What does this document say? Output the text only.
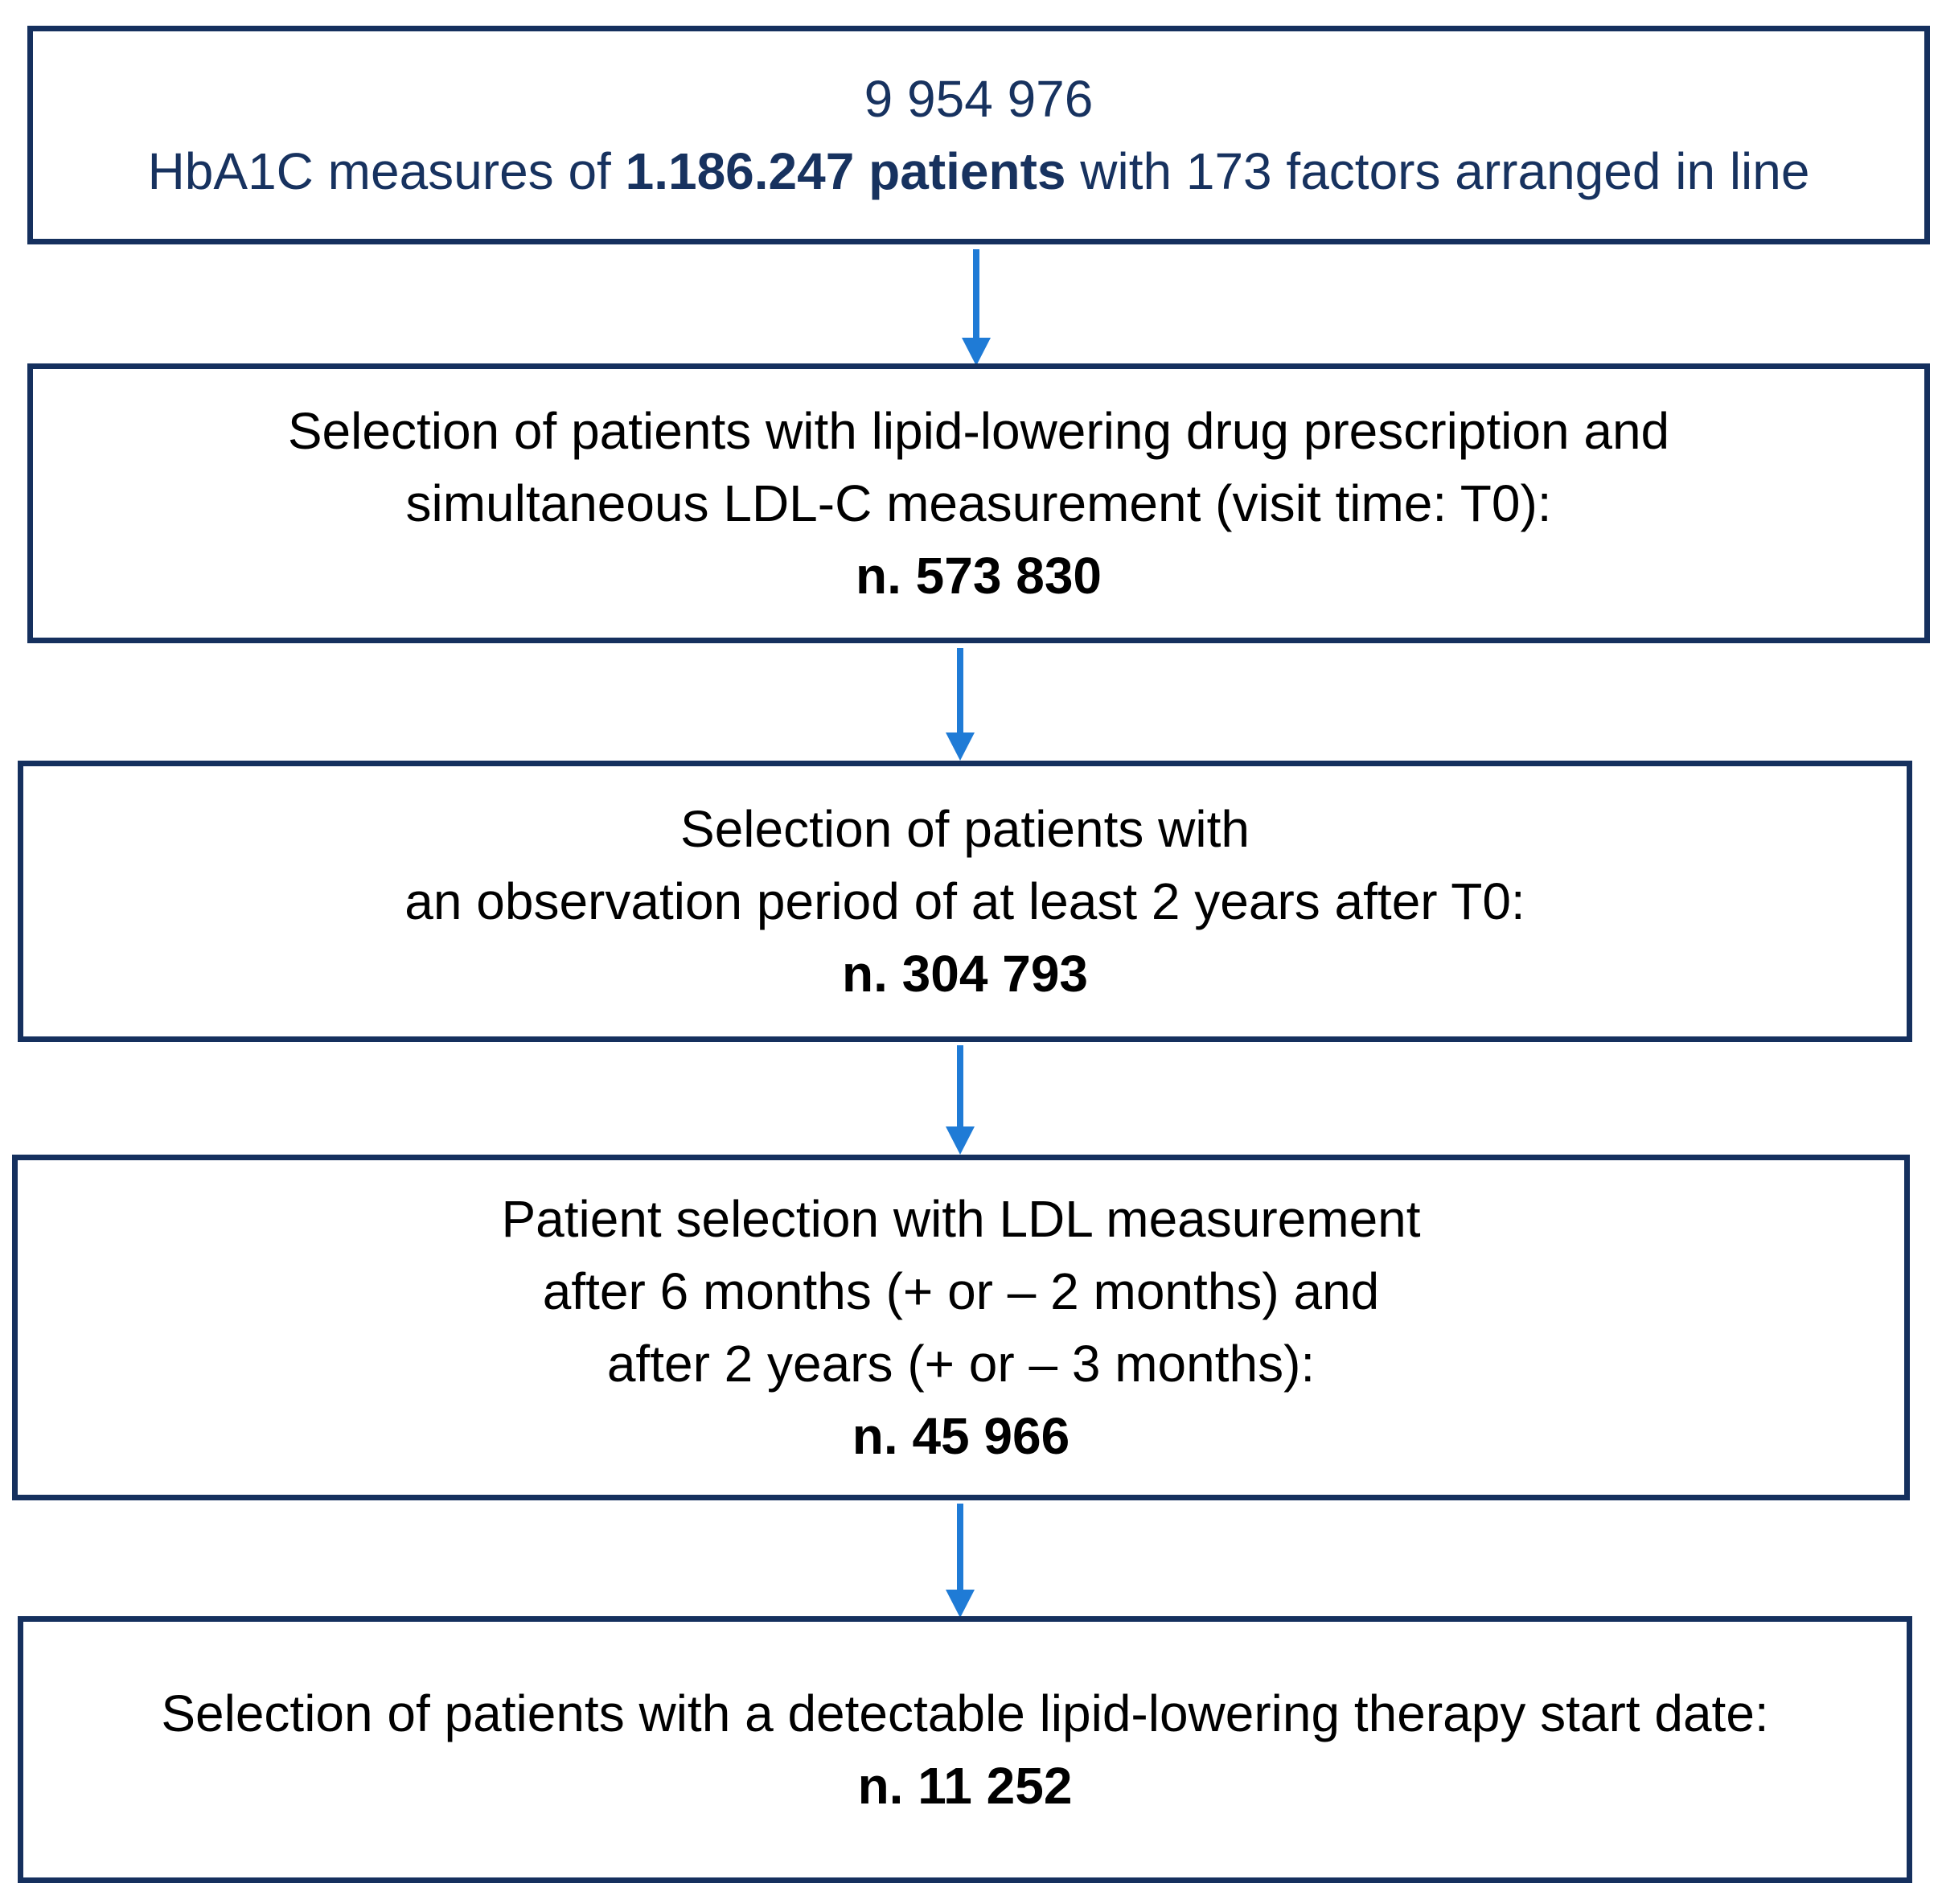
9 954 976
HbA1C measures of 1.186.247 patients with 173 factors arranged in line
Selection of patients with lipid-lowering drug prescription and
simultaneous LDL-C measurement (visit time: T0):
n. 573 830
Selection of patients with
an observation period of at least 2 years after T0:
n. 304 793
Patient selection with LDL measurement
after 6 months (+ or – 2 months) and
after 2 years (+ or – 3 months):
n. 45 966
Selection of patients with a detectable lipid-lowering therapy start date:
n. 11 252
